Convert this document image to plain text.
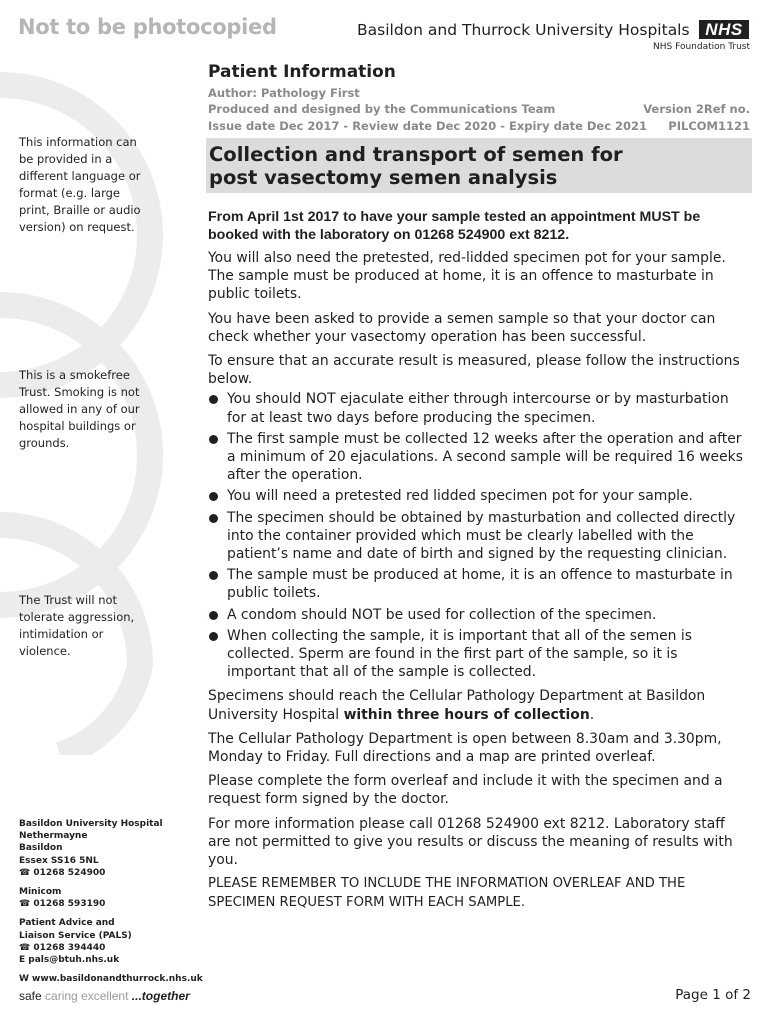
Not to be photocopied	Basildon and Thurrock University Hospitals NHS
NHS Foundation Trust
Patient Information
Author: Pathology First
Produced and designed by the Communications Team
Issue date Dec 2017 - Review date Dec 2020 - Expiry date Dec 2021
Version 2Ref no.
PILCOM1121
Collection and transport of semen for
post vasectomy semen analysis
This information can be provided in a different language or format (e.g. large print, Braille or audio version) on request.
This is a smokefree Trust. Smoking is not allowed in any of our hospital buildings or grounds.
The Trust will not tolerate aggression, intimidation or violence.

From April 1st 2017 to have your sample tested an appointment MUST be booked with the laboratory on 01268 524900 ext 8212.

You will also need the pretested, red-lidded specimen pot for your sample. The sample must be produced at home, it is an offence to masturbate in public toilets.

You have been asked to provide a semen sample so that your doctor can check whether your vasectomy operation has been successful.

To ensure that an accurate result is measured, please follow the instructions below.

You should NOT ejaculate either through intercourse or by masturbation for at least two days before producing the specimen.
The first sample must be collected 12 weeks after the operation and after a minimum of 20 ejaculations. A second sample will be required 16 weeks after the operation.
You will need a pretested red lidded specimen pot for your sample.
The specimen should be obtained by masturbation and collected directly into the container provided which must be clearly labelled with the patient’s name and date of birth and signed by the requesting clinician.
The sample must be produced at home, it is an offence to masturbate in public toilets.
A condom should NOT be used for collection of the specimen.
When collecting the sample, it is important that all of the semen is collected. Sperm are found in the first part of the sample, so it is important that all of the sample is collected.

Specimens should reach the Cellular Pathology Department at Basildon University Hospital within three hours of collection.

The Cellular Pathology Department is open between 8.30am and 3.30pm, Monday to Friday. Full directions and a map are printed overleaf.

Please complete the form overleaf and include it with the specimen and a request form signed by the doctor.

For more information please call 01268 524900 ext 8212. Laboratory staff are not permitted to give you results or discuss the meaning of results with you.

PLEASE REMEMBER TO INCLUDE THE INFORMATION OVERLEAF AND THE SPECIMEN REQUEST FORM WITH EACH SAMPLE.

Basildon University Hospital
Nethermayne
Basildon
Essex SS16 5NL
☎ 01268 524900
Minicom
☎ 01268 593190
Patient Advice and
Liaison Service (PALS)
☎ 01268 394440
E pals@btuh.nhs.uk
W www.basildonandthurrock.nhs.uk
safe caring excellent ...together	Page 1 of 2
